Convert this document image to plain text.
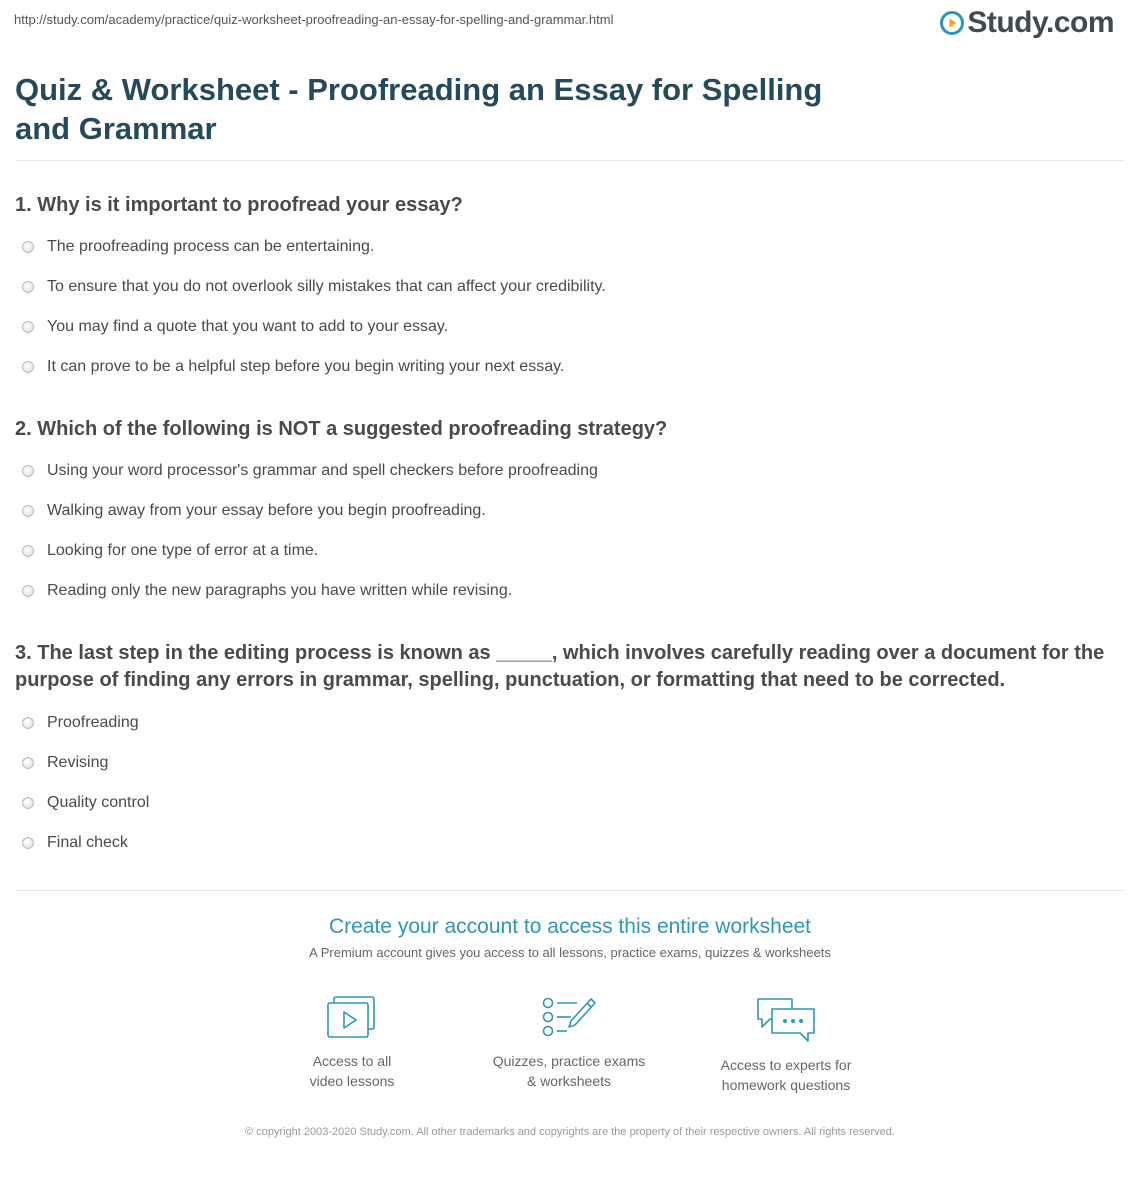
http://study.com/academy/practice/quiz-worksheet-proofreading-an-essay-for-spelling-and-grammar.html	Study.com
Quiz & Worksheet - Proofreading an Essay for Spelling and Grammar
1. Why is it important to proofread your essay?
The proofreading process can be entertaining.
To ensure that you do not overlook silly mistakes that can affect your credibility.
You may find a quote that you want to add to your essay.
It can prove to be a helpful step before you begin writing your next essay.
2. Which of the following is NOT a suggested proofreading strategy?
Using your word processor's grammar and spell checkers before proofreading
Walking away from your essay before you begin proofreading.
Looking for one type of error at a time.
Reading only the new paragraphs you have written while revising.
3. The last step in the editing process is known as _____, which involves carefully reading over a document for the purpose of finding any errors in grammar, spelling, punctuation, or formatting that need to be corrected.
Proofreading
Revising
Quality control
Final check
Create your account to access this entire worksheet
A Premium account gives you access to all lessons, practice exams, quizzes & worksheets
Access to all
video lessons
Quizzes, practice exams
& worksheets
Access to experts for
homework questions
© copyright 2003-2020 Study.com. All other trademarks and copyrights are the property of their respective owners. All rights reserved.
